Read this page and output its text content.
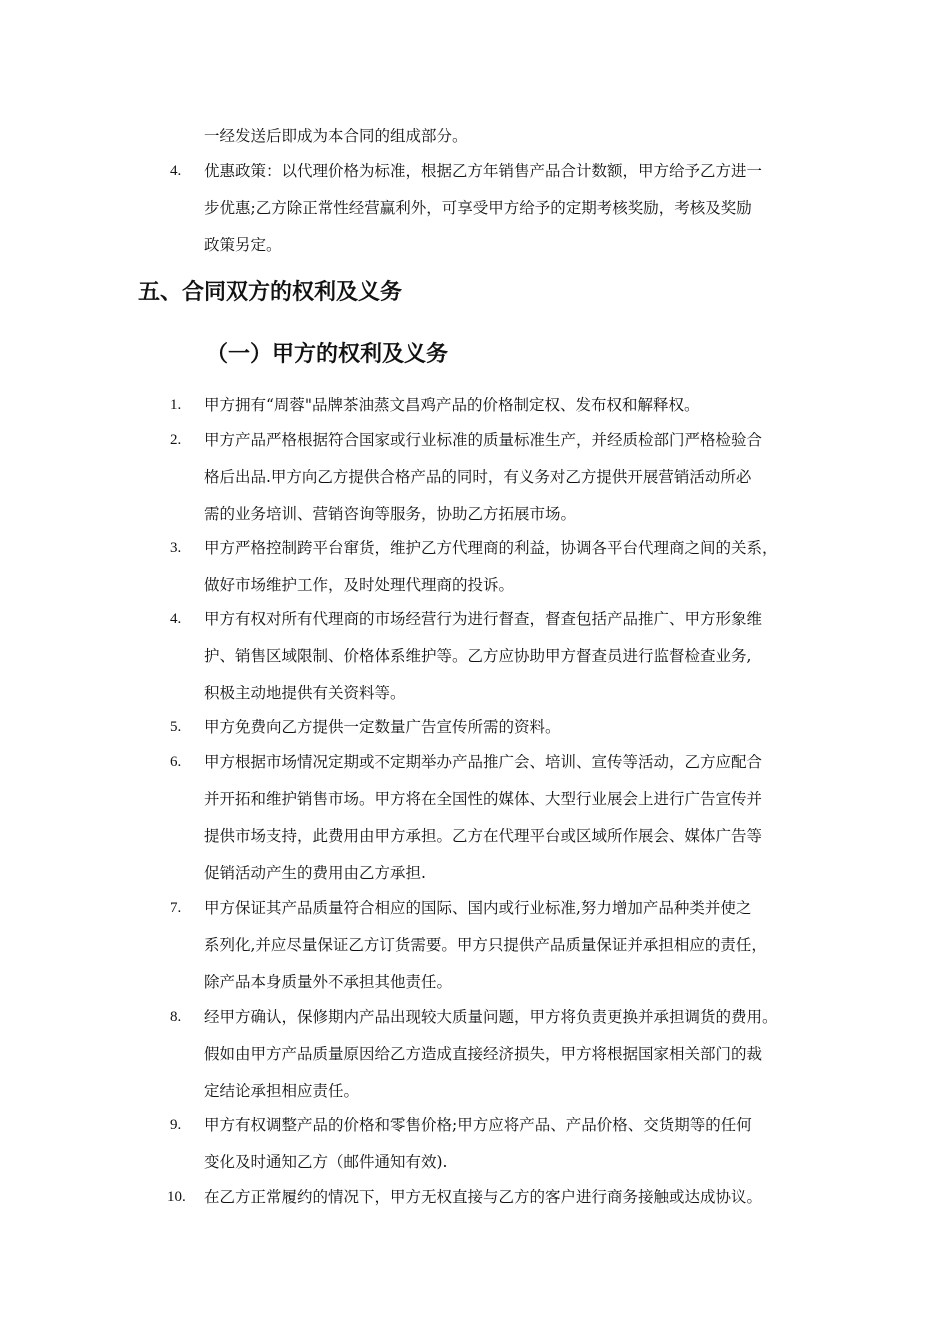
一经发送后即成为本合同的组成部分。

4. 优惠政策：以代理价格为标准，根据乙方年销售产品合计数额，甲方给予乙方进一

步优惠;乙方除正常性经营赢利外，可享受甲方给予的定期考核奖励，考核及奖励

政策另定。

五、合同双方的权利及义务
（一）甲方的权利及义务
1. 甲方拥有“周蓉"品牌茶油蒸文昌鸡产品的价格制定权、发布权和解释权。

2. 甲方产品严格根据符合国家或行业标准的质量标准生产，并经质检部门严格检验合

格后出品.甲方向乙方提供合格产品的同时，有义务对乙方提供开展营销活动所必

需的业务培训、营销咨询等服务，协助乙方拓展市场。

3. 甲方严格控制跨平台窜货，维护乙方代理商的利益，协调各平台代理商之间的关系，

做好市场维护工作，及时处理代理商的投诉。

4. 甲方有权对所有代理商的市场经营行为进行督查，督查包括产品推广、甲方形象维

护、销售区域限制、价格体系维护等。乙方应协助甲方督查员进行监督检查业务,

积极主动地提供有关资料等。

5. 甲方免费向乙方提供一定数量广告宣传所需的资料。

6. 甲方根据市场情况定期或不定期举办产品推广会、培训、宣传等活动，乙方应配合

并开拓和维护销售市场。甲方将在全国性的媒体、大型行业展会上进行广告宣传并

提供市场支持，此费用由甲方承担。乙方在代理平台或区域所作展会、媒体广告等

促销活动产生的费用由乙方承担.

7. 甲方保证其产品质量符合相应的国际、国内或行业标准,努力增加产品种类并使之

系列化,并应尽量保证乙方订货需要。甲方只提供产品质量保证并承担相应的责任，

除产品本身质量外不承担其他责任。

8. 经甲方确认，保修期内产品出现较大质量问题，甲方将负责更换并承担调货的费用。

假如由甲方产品质量原因给乙方造成直接经济损失，甲方将根据国家相关部门的裁

定结论承担相应责任。

9. 甲方有权调整产品的价格和零售价格;甲方应将产品、产品价格、交货期等的任何

变化及时通知乙方（邮件通知有效).

10. 在乙方正常履约的情况下，甲方无权直接与乙方的客户进行商务接触或达成协议。
